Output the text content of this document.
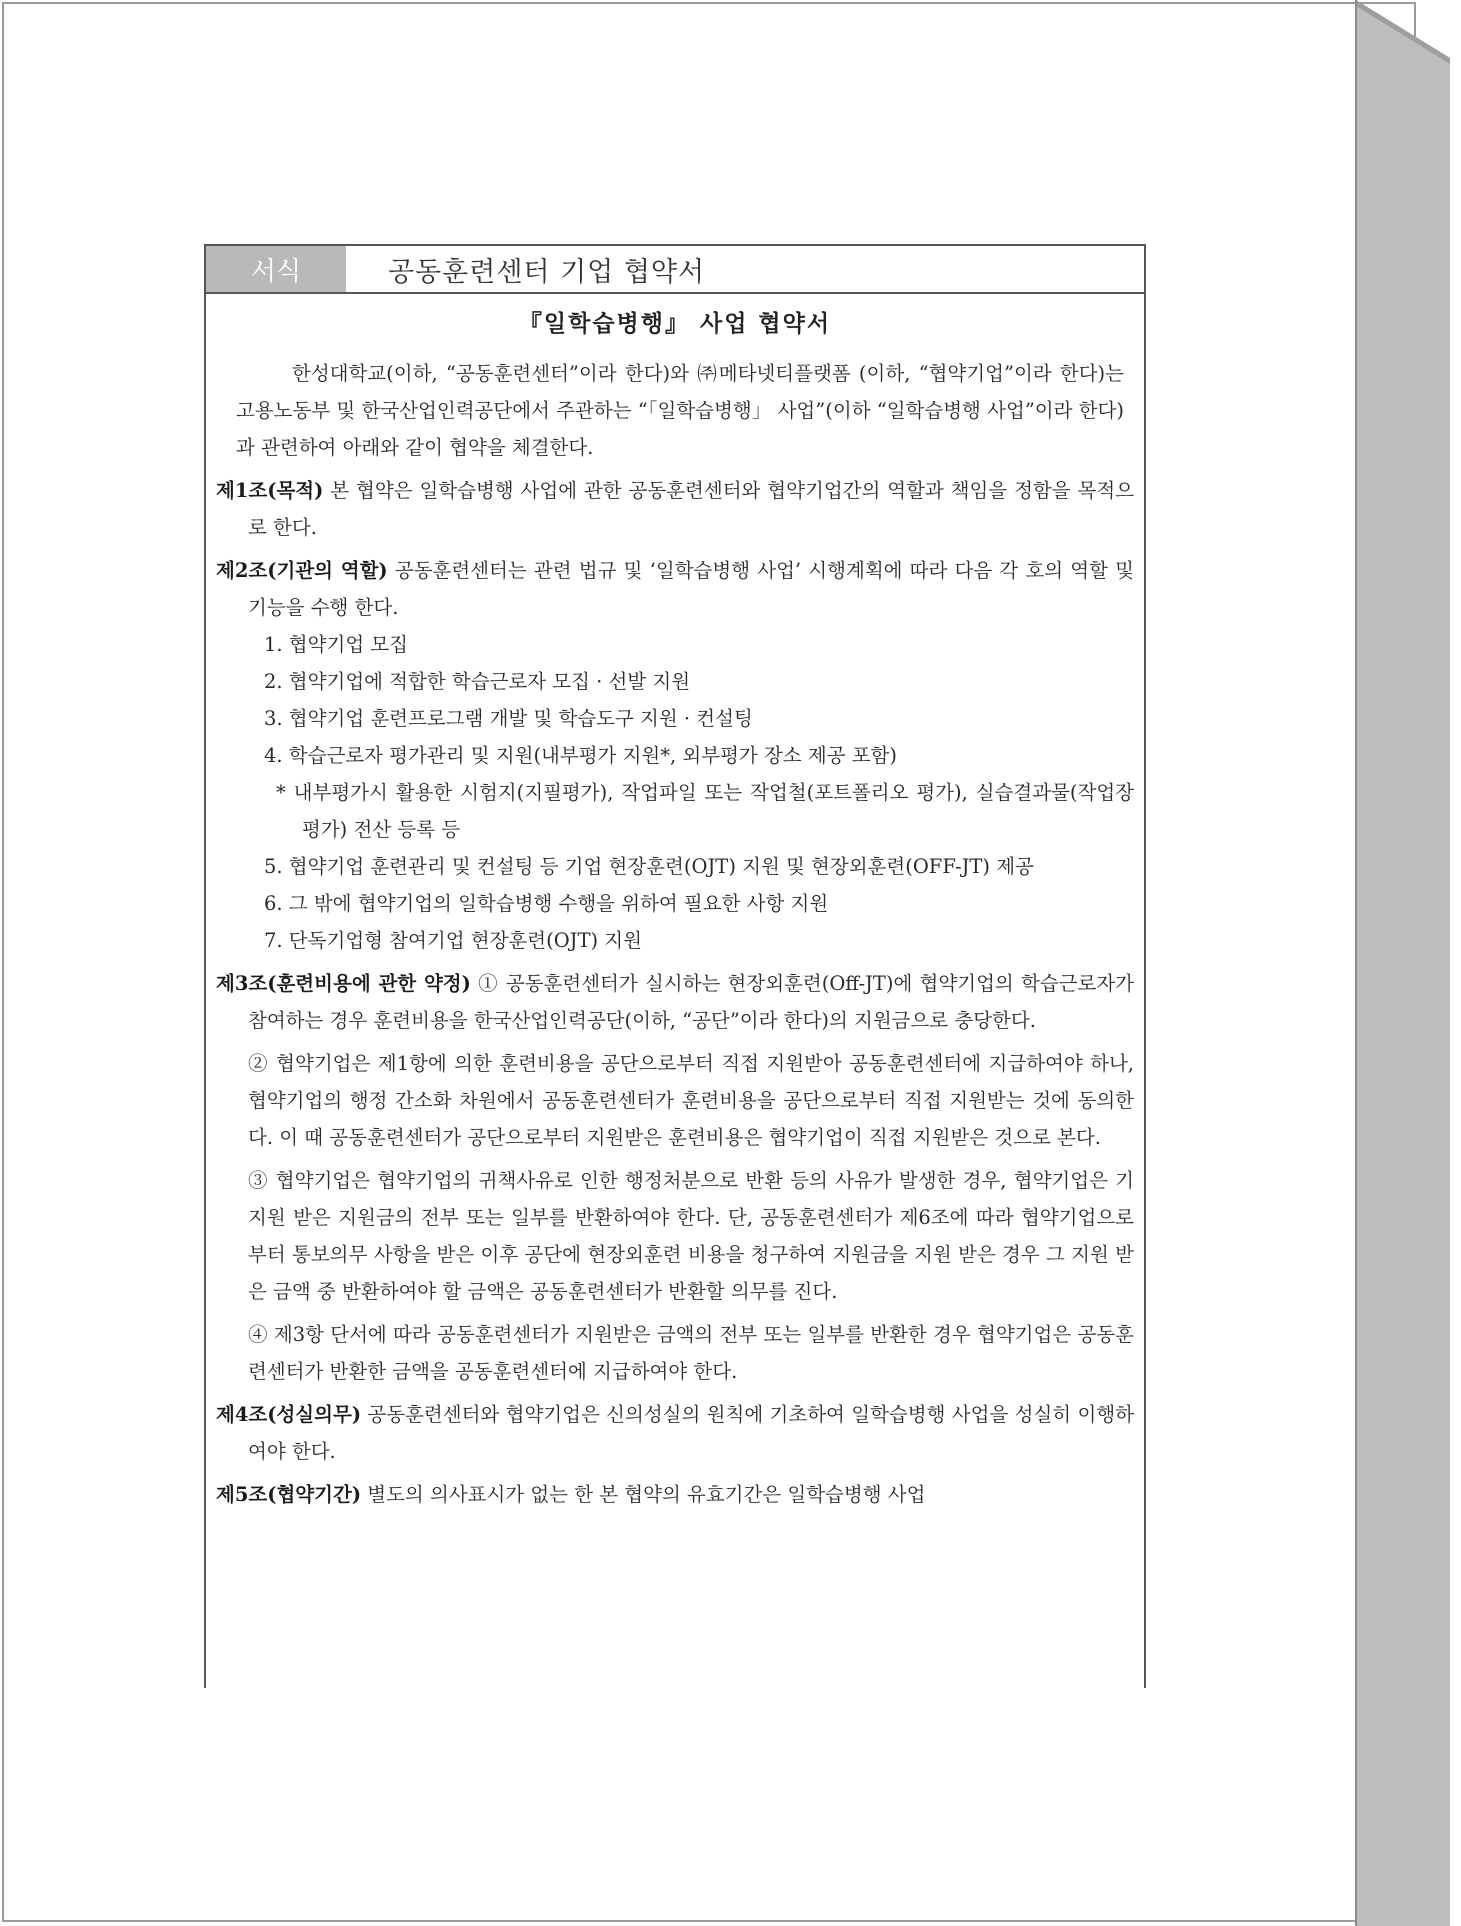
서식	공동훈련센터 기업 협약서
『일학습병행』 사업 협약서

한성대학교(이하, “공동훈련센터”이라 한다)와 ㈜메타넷티플랫폼 (이하, “협약기업”이라 한다)는 고용노동부 및 한국산업인력공단에서 주관하는 “「일학습병행」 사업”(이하 “일학습병행 사업”이라 한다)과 관련하여 아래와 같이 협약을 체결한다.

제1조(목적) 본 협약은 일학습병행 사업에 관한 공동훈련센터와 협약기업간의 역할과 책임을 정함을 목적으로 한다.
제2조(기관의 역할) 공동훈련센터는 관련 법규 및 ‘일학습병행 사업’ 시행계획에 따라 다음 각 호의 역할 및 기능을 수행 한다.
1. 협약기업 모집
2. 협약기업에 적합한 학습근로자 모집 · 선발 지원
3. 협약기업 훈련프로그램 개발 및 학습도구 지원 · 컨설팅
4. 학습근로자 평가관리 및 지원(내부평가 지원*, 외부평가 장소 제공 포함)
* 내부평가시 활용한 시험지(지필평가), 작업파일 또는 작업철(포트폴리오 평가), 실습결과물(작업장 평가) 전산 등록 등
5. 협약기업 훈련관리 및 컨설팅 등 기업 현장훈련(OJT) 지원 및 현장외훈련(OFF-JT) 제공
6. 그 밖에 협약기업의 일학습병행 수행을 위하여 필요한 사항 지원
7. 단독기업형 참여기업 현장훈련(OJT) 지원
제3조(훈련비용에 관한 약정) ① 공동훈련센터가 실시하는 현장외훈련(Off-JT)에 협약기업의 학습근로자가 참여하는 경우 훈련비용을 한국산업인력공단(이하, “공단”이라 한다)의 지원금으로 충당한다.
② 협약기업은 제1항에 의한 훈련비용을 공단으로부터 직접 지원받아 공동훈련센터에 지급하여야 하나, 협약기업의 행정 간소화 차원에서 공동훈련센터가 훈련비용을 공단으로부터 직접 지원받는 것에 동의한다. 이 때 공동훈련센터가 공단으로부터 지원받은 훈련비용은 협약기업이 직접 지원받은 것으로 본다.
③ 협약기업은 협약기업의 귀책사유로 인한 행정처분으로 반환 등의 사유가 발생한 경우, 협약기업은 기지원 받은 지원금의 전부 또는 일부를 반환하여야 한다. 단, 공동훈련센터가 제6조에 따라 협약기업으로부터 통보의무 사항을 받은 이후 공단에 현장외훈련 비용을 청구하여 지원금을 지원 받은 경우 그 지원 받은 금액 중 반환하여야 할 금액은 공동훈련센터가 반환할 의무를 진다.
④ 제3항 단서에 따라 공동훈련센터가 지원받은 금액의 전부 또는 일부를 반환한 경우 협약기업은 공동훈련센터가 반환한 금액을 공동훈련센터에 지급하여야 한다.
제4조(성실의무) 공동훈련센터와 협약기업은 신의성실의 원칙에 기초하여 일학습병행 사업을 성실히 이행하여야 한다.
제5조(협약기간) 별도의 의사표시가 없는 한 본 협약의 유효기간은 일학습병행 사업
